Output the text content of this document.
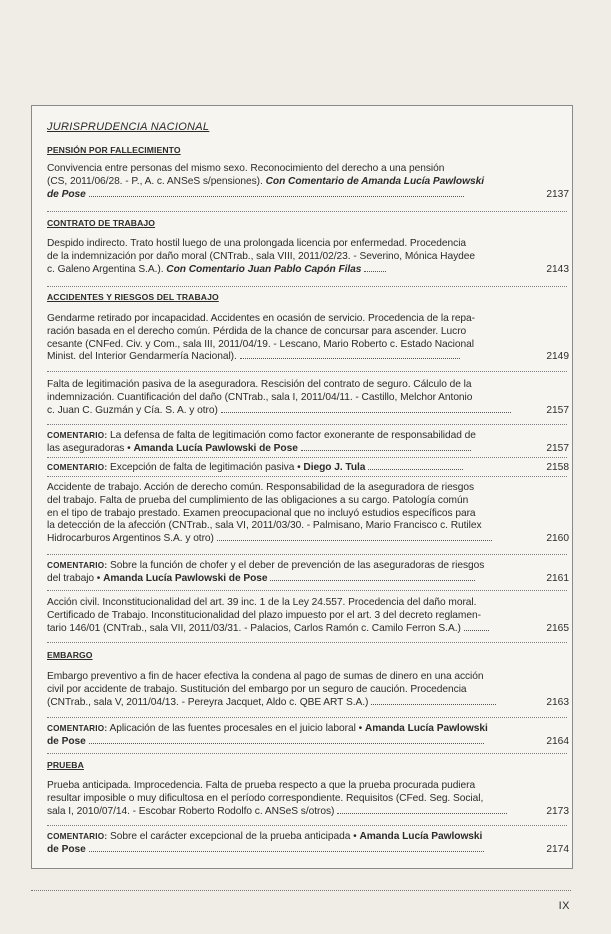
JURISPRUDENCIA NACIONAL
PENSIÓN POR FALLECIMIENTO

Convivencia entre personas del mismo sexo. Reconocimiento del derecho a una pensión

(CS, 2011/06/28. - P., A. c. ANSeS s/pensiones). Con Comentario de Amanda Lucía Pawlowski

de Pose	2137
CONTRATO DE TRABAJO

Despido indirecto. Trato hostil luego de una prolongada licencia por enfermedad. Procedencia

de la indemnización por daño moral (CNTrab., sala VIII, 2011/02/23. - Severino, Mónica Haydee

c. Galeno Argentina S.A.). Con Comentario Juan Pablo Capón Filas	2143
ACCIDENTES Y RIESGOS DEL TRABAJO

Gendarme retirado por incapacidad. Accidentes en ocasión de servicio. Procedencia de la repa-

ración basada en el derecho común. Pérdida de la chance de concursar para ascender. Lucro

cesante (CNFed. Civ. y Com., sala III, 2011/04/19. - Lescano, Mario Roberto c. Estado Nacional

Minist. del Interior Gendarmería Nacional).	2149

Falta de legitimación pasiva de la aseguradora. Rescisión del contrato de seguro. Cálculo de la

indemnización. Cuantificación del daño (CNTrab., sala I, 2011/04/11. - Castillo, Melchor Antonio

c. Juan C. Guzmán y Cía. S. A. y otro)	2157

COMENTARIO: La defensa de falta de legitimación como factor exonerante de responsabilidad de

las aseguradoras • Amanda Lucía Pawlowski de Pose	2157

COMENTARIO: Excepción de falta de legitimación pasiva • Diego J. Tula	2158

Accidente de trabajo. Acción de derecho común. Responsabilidad de la aseguradora de riesgos

del trabajo. Falta de prueba del cumplimiento de las obligaciones a su cargo. Patología común

en el tipo de trabajo prestado. Examen preocupacional que no incluyó estudios específicos para

la detección de la afección (CNTrab., sala VI, 2011/03/30. - Palmisano, Mario Francisco c. Rutilex

Hidrocarburos Argentinos S.A. y otro)	2160

COMENTARIO: Sobre la función de chofer y el deber de prevención de las aseguradoras de riesgos

del trabajo • Amanda Lucía Pawlowski de Pose	2161

Acción civil. Inconstitucionalidad del art. 39 inc. 1 de la Ley 24.557. Procedencia del daño moral.

Certificado de Trabajo. Inconstitucionalidad del plazo impuesto por el art. 3 del decreto reglamen-

tario 146/01 (CNTrab., sala VII, 2011/03/31. - Palacios, Carlos Ramón c. Camilo Ferron S.A.)	2165
EMBARGO

Embargo preventivo a fin de hacer efectiva la condena al pago de sumas de dinero en una acción

civil por accidente de trabajo. Sustitución del embargo por un seguro de caución. Procedencia

(CNTrab., sala V, 2011/04/13. - Pereyra Jacquet, Aldo c. QBE ART S.A.)	2163

COMENTARIO: Aplicación de las fuentes procesales en el juicio laboral • Amanda Lucía Pawlowski

de Pose	2164
PRUEBA

Prueba anticipada. Improcedencia. Falta de prueba respecto a que la prueba procurada pudiera

resultar imposible o muy dificultosa en el período correspondiente. Requisitos (CFed. Seg. Social,

sala I, 2010/07/14. - Escobar Roberto Rodolfo c. ANSeS s/otros)	2173

COMENTARIO: Sobre el carácter excepcional de la prueba anticipada • Amanda Lucía Pawlowski

de Pose	2174
IX
